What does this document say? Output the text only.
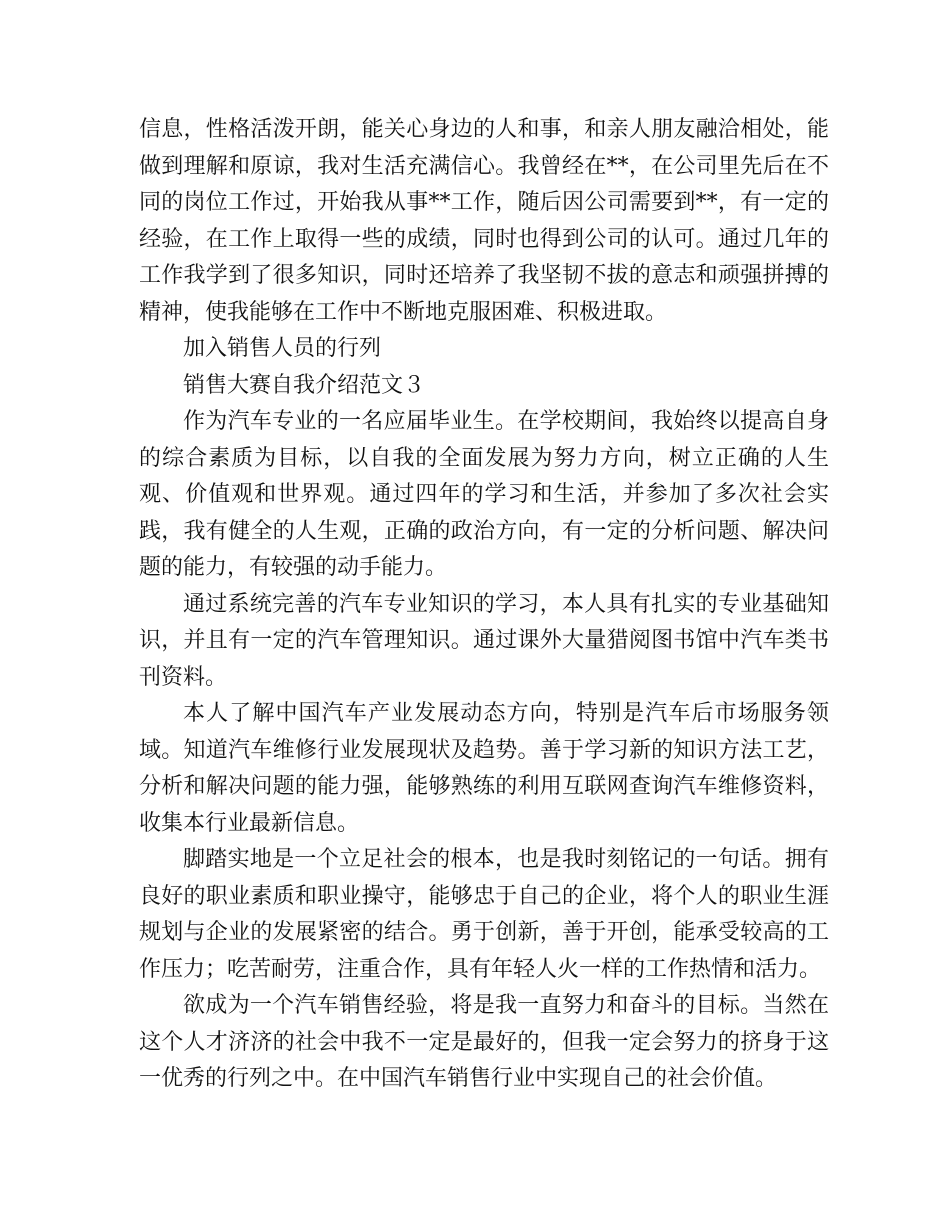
信息，性格活泼开朗，能关心身边的人和事，和亲人朋友融洽相处，能做到理解和原谅，我对生活充满信心。我曾经在**，在公司里先后在不同的岗位工作过，开始我从事**工作，随后因公司需要到**，有一定的经验，在工作上取得一些的成绩，同时也得到公司的认可。通过几年的工作我学到了很多知识，同时还培养了我坚韧不拔的意志和顽强拼搏的精神，使我能够在工作中不断地克服困难、积极进取。

加入销售人员的行列

销售大赛自我介绍范文３

作为汽车专业的一名应届毕业生。在学校期间，我始终以提高自身的综合素质为目标，以自我的全面发展为努力方向，树立正确的人生观、价值观和世界观。通过四年的学习和生活，并参加了多次社会实践，我有健全的人生观，正确的政治方向，有一定的分析问题、解决问题的能力，有较强的动手能力。

通过系统完善的汽车专业知识的学习，本人具有扎实的专业基础知识，并且有一定的汽车管理知识。通过课外大量猎阅图书馆中汽车类书刊资料。

本人了解中国汽车产业发展动态方向，特别是汽车后市场服务领域。知道汽车维修行业发展现状及趋势。善于学习新的知识方法工艺，分析和解决问题的能力强，能够熟练的利用互联网查询汽车维修资料，收集本行业最新信息。

脚踏实地是一个立足社会的根本，也是我时刻铭记的一句话。拥有良好的职业素质和职业操守，能够忠于自己的企业，将个人的职业生涯规划与企业的发展紧密的结合。勇于创新，善于开创，能承受较高的工作压力；吃苦耐劳，注重合作，具有年轻人火一样的工作热情和活力。

欲成为一个汽车销售经验，将是我一直努力和奋斗的目标。当然在这个人才济济的社会中我不一定是最好的，但我一定会努力的挤身于这一优秀的行列之中。在中国汽车销售行业中实现自己的社会价值。
